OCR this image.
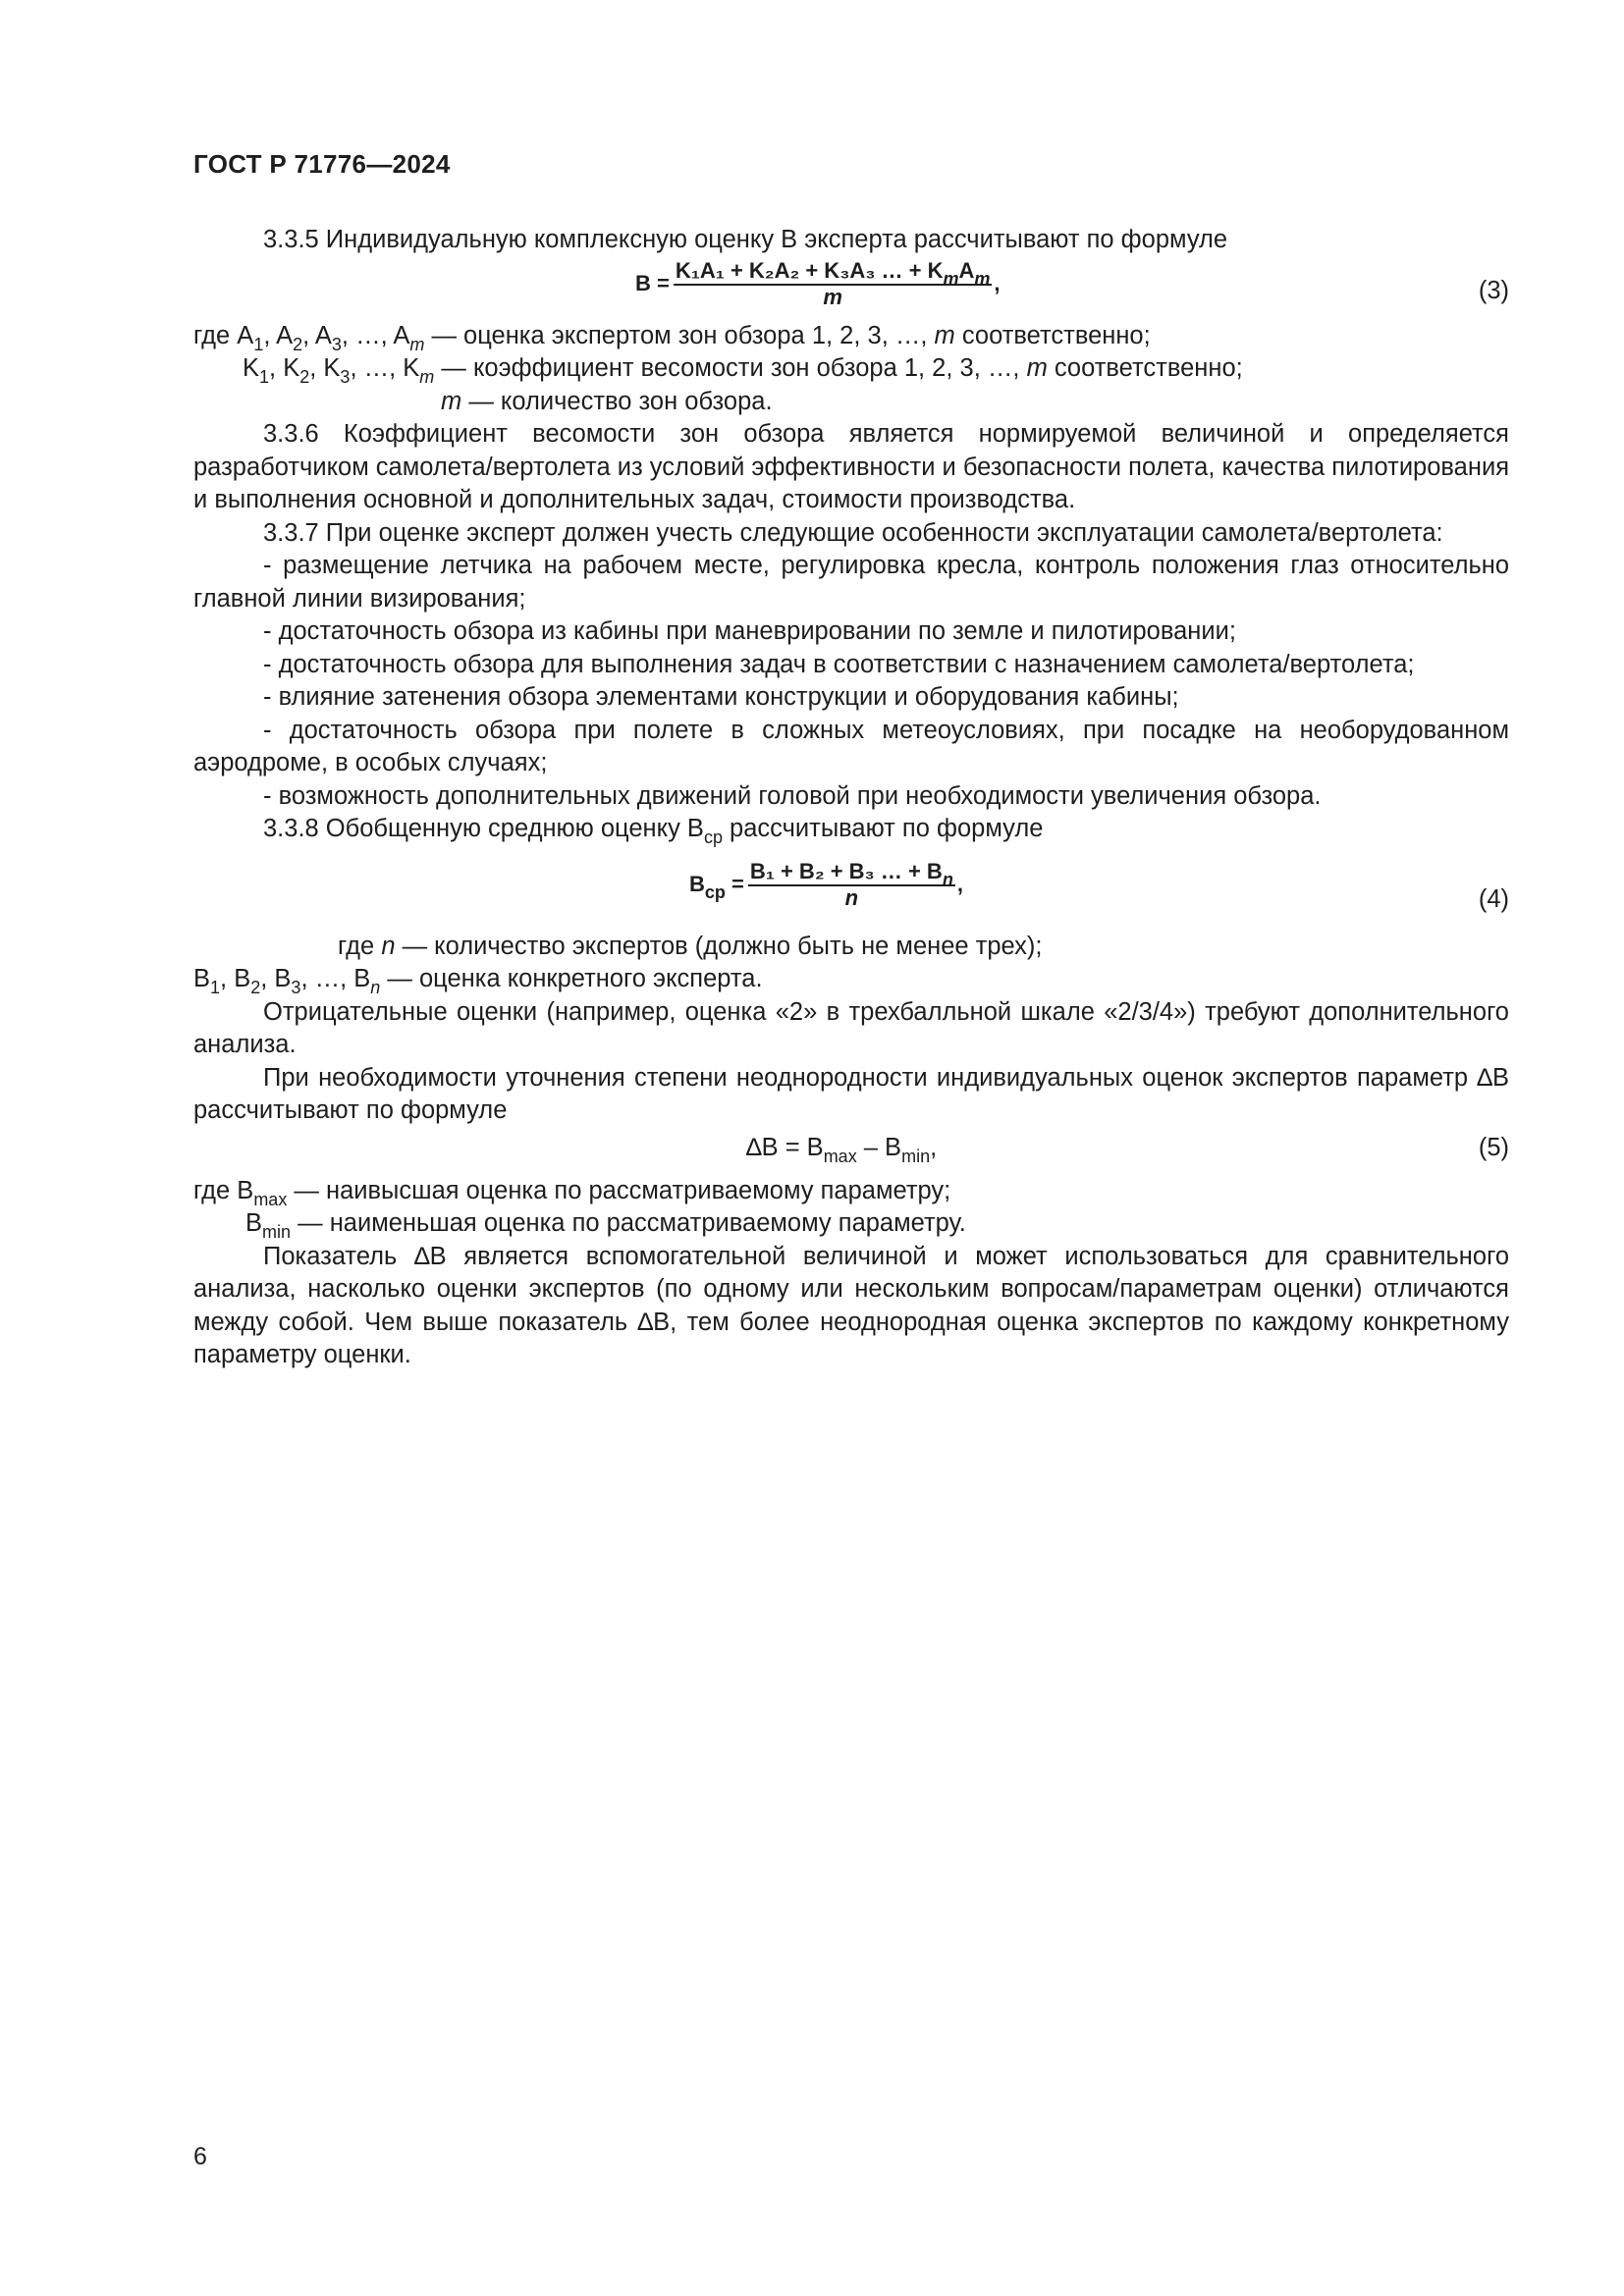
ГОСТ Р 71776—2024

3.3.5 Индивидуальную комплексную оценку В эксперта рассчитывают по формуле

$В = \frac{K_1A_1 + K_2A_2 + K_3A_3 \dots + K_mA_m}{m}$ ,	(3)

где $A_1$, $A_2$, $A_3$, …, $A_m$ — оценка экспертом зон обзора 1, 2, 3, …, m соответственно;

$K_1$, $K_2$, $K_3$, …, $K_m$ — коэффициент весомости зон обзора 1, 2, 3, …, m соответственно;

m — количество зон обзора.

3.3.6 Коэффициент весомости зон обзора является нормируемой величиной и определяется разработчиком самолета/вертолета из условий эффективности и безопасности полета, качества пилотирования и выполнения основной и дополнительных задач, стоимости производства.

3.3.7 При оценке эксперт должен учесть следующие особенности эксплуатации самолета/вертолета:

- размещение летчика на рабочем месте, регулировка кресла, контроль положения глаз относительно главной линии визирования;

- достаточность обзора из кабины при маневрировании по земле и пилотировании;

- достаточность обзора для выполнения задач в соответствии с назначением самолета/вертолета;

- влияние затенения обзора элементами конструкции и оборудования кабины;

- достаточность обзора при полете в сложных метеоусловиях, при посадке на необорудованном аэродроме, в особых случаях;

- возможность дополнительных движений головой при необходимости увеличения обзора.

3.3.8 Обобщенную среднюю оценку $В_{ср}$ рассчитывают по формуле

$В_{ср} = \frac{В_1 + В_2 + В_3 \dots + В_n}{n}$ ,
(4)

где n — количество экспертов (должно быть не менее трех);

$В_1$, $В_2$, $В_3$, …, $В_n$ — оценка конкретного эксперта.

Отрицательные оценки (например, оценка «2» в трехбалльной шкале «2/3/4») требуют дополнительного анализа.

При необходимости уточнения степени неоднородности индивидуальных оценок экспертов параметр ∆В рассчитывают по формуле

$\Delta В = В_{max} - В_{min}$,	(5)

где $В_{max}$ — наивысшая оценка по рассматриваемому параметру;

$В_{min}$ — наименьшая оценка по рассматриваемому параметру.

Показатель ∆В является вспомогательной величиной и может использоваться для сравнительного анализа, насколько оценки экспертов (по одному или нескольким вопросам/параметрам оценки) отличаются между собой. Чем выше показатель ∆В, тем более неоднородная оценка экспертов по каждому конкретному параметру оценки.

6
